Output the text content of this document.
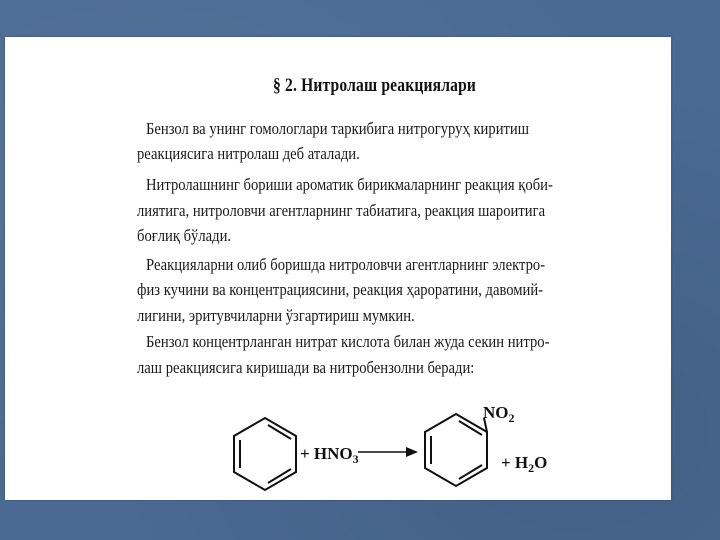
§ 2. Нитролаш реакциялари
Бензол ва унинг гомологлари таркибига нитрогуруҳ киритиш
реакциясига нитролаш деб аталади.
Нитролашнинг бориши ароматик бирикмаларнинг реакция қоби-
лиятига, нитроловчи агентларнинг табиатига, реакция шароитига
боғлиқ бўлади.
Реакцияларни олиб боришда нитроловчи агентларнинг электро-
физ кучини ва концентрациясини, реакция ҳароратини, давомий-
лигини, эритувчиларни ўзгартириш мумкин.
Бензол концентрланган нитрат кислота билан жуда секин нитро-
лаш реакциясига киришади ва нитробензолни беради:
+ $HNO_3$
$NO_2$
+ $H_2O$
